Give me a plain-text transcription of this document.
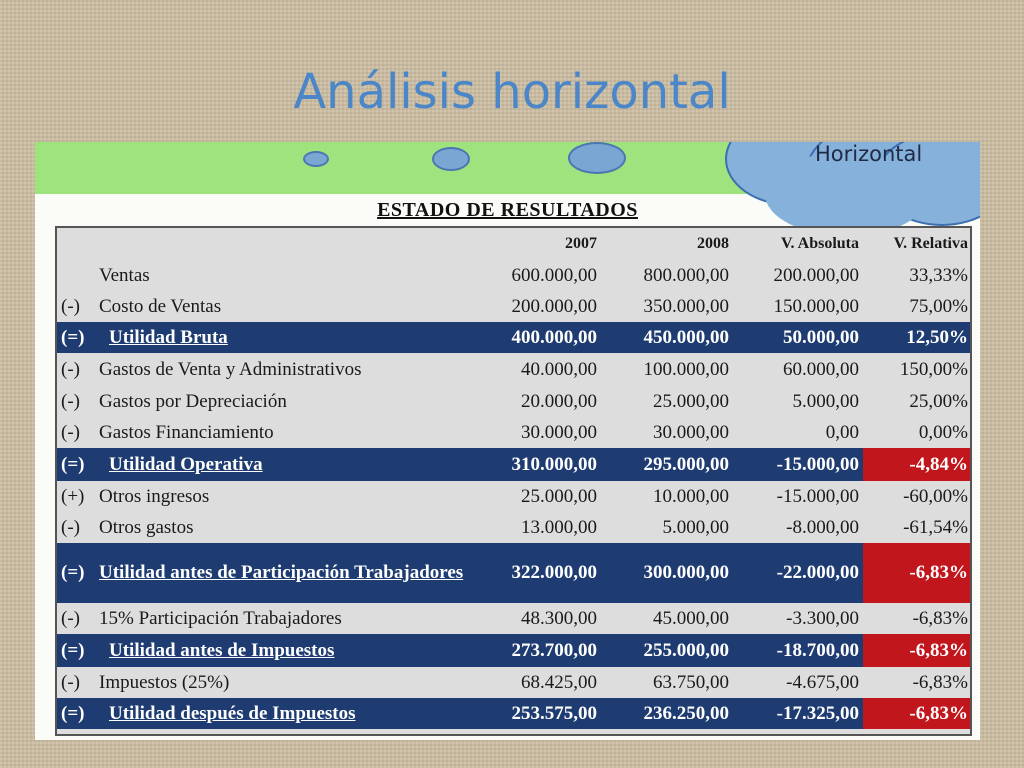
Análisis horizontal
Horizontal
ESTADO DE RESULTADOS
2007	2008	V. Absoluta	V. Relativa
Ventas	600.000,00	800.000,00	200.000,00	33,33%
(-)	Costo de Ventas	200.000,00	350.000,00	150.000,00	75,00%
(=)	Utilidad Bruta	400.000,00	450.000,00	50.000,00	12,50%
(-)	Gastos de Venta y Administrativos	40.000,00	100.000,00	60.000,00	150,00%
(-)	Gastos por Depreciación	20.000,00	25.000,00	5.000,00	25,00%
(-)	Gastos Financiamiento	30.000,00	30.000,00	0,00	0,00%
(=)	Utilidad Operativa	310.000,00	295.000,00	-15.000,00	-4,84%
(+) Otros ingresos	25.000,00	10.000,00	-15.000,00	-60,00%
(-)	Otros gastos	13.000,00	5.000,00	-8.000,00	-61,54%
(=) Utilidad antes de Participación Trabajadores	322.000,00	300.000,00	-22.000,00	-6,83%
(-)	15% Participación Trabajadores	48.300,00	45.000,00	-3.300,00	-6,83%
(=)	Utilidad antes de Impuestos	273.700,00	255.000,00	-18.700,00	-6,83%
(-)	Impuestos (25%)	68.425,00	63.750,00	-4.675,00	-6,83%
(=)	Utilidad después de Impuestos	253.575,00	236.250,00	-17.325,00	-6,83%
